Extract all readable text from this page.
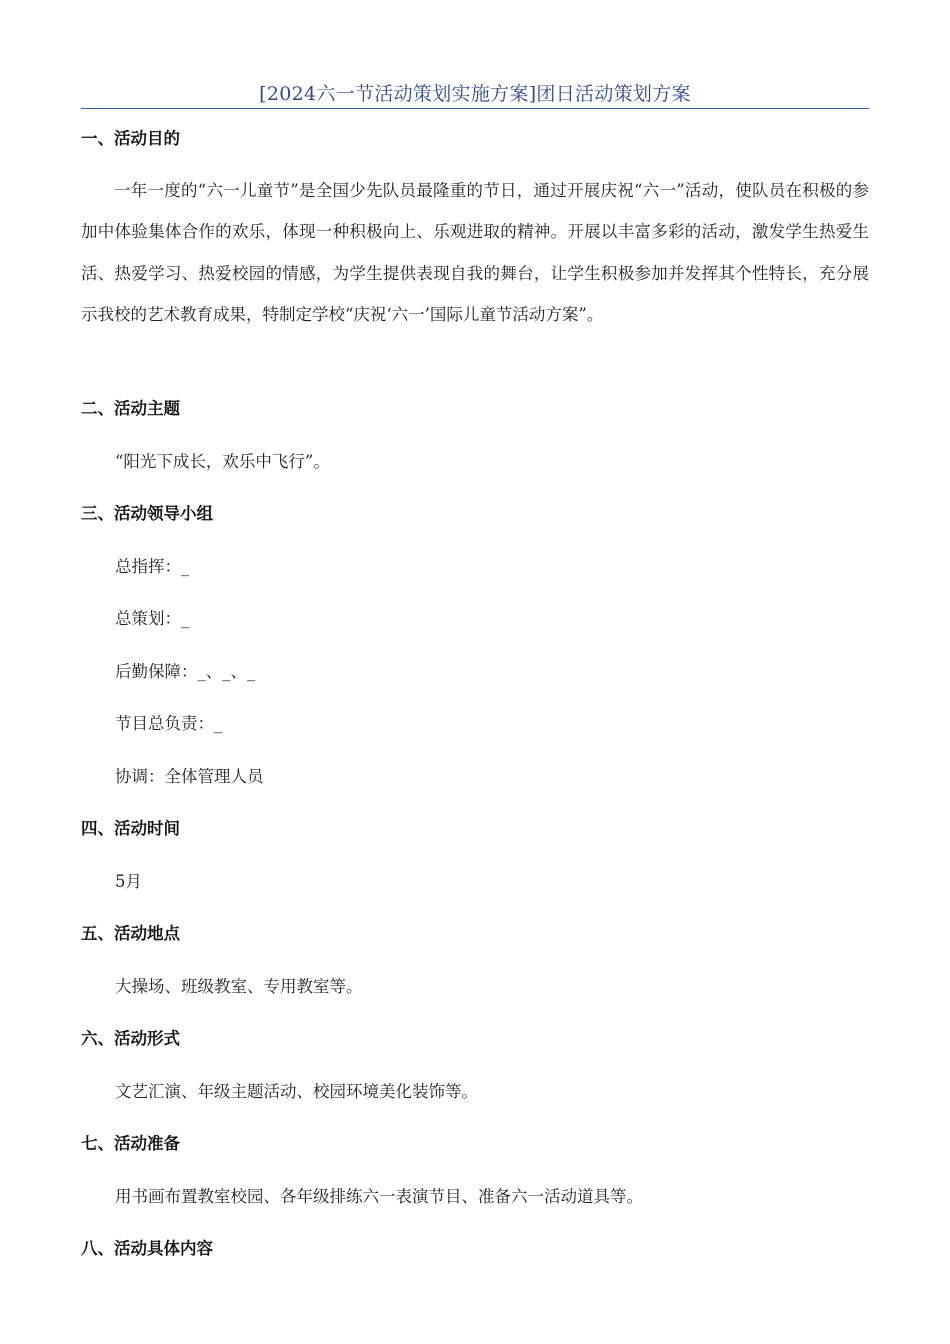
[2024六一节活动策划实施方案]团日活动策划方案
一、活动目的

一年一度的“六一儿童节”是全国少先队员最隆重的节日，通过开展庆祝“六一”活动，使队员在积极的参加中体验集体合作的欢乐，体现一种积极向上、乐观进取的精神。开展以丰富多彩的活动，激发学生热爱生活、热爱学习、热爱校园的情感，为学生提供表现自我的舞台，让学生积极参加并发挥其个性特长，充分展示我校的艺术教育成果，特制定学校“庆祝‘六一’国际儿童节活动方案”。

二、活动主题
“阳光下成长，欢乐中飞行”。
三、活动领导小组
总指挥：_
总策划：_
后勤保障：_、_、_
节目总负责：_
协调：全体管理人员
四、活动时间
5月
五、活动地点
大操场、班级教室、专用教室等。
六、活动形式
文艺汇演、年级主题活动、校园环境美化装饰等。
七、活动准备
用书画布置教室校园、各年级排练六一表演节目、准备六一活动道具等。
八、活动具体内容
